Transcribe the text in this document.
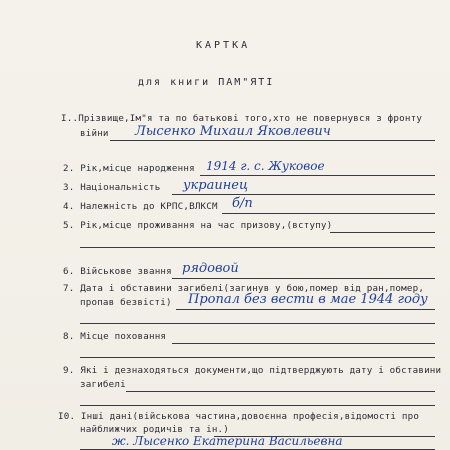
КАРТКА
для книги ПАМ"ЯТІ
I..Прізвище,Ім"я та по батькові того,хто не повернувся з фронту
війни Лысенко Михаил Яковлевич
2. Рік,місце народження 1914 г. с. Жуковое
3. Національність украинец
4. Належність до КРПС,ВЛКСМ б/п
5. Рік,місце проживання на час призову,(вступу)
6. Військове звання рядовой
7. Дата і обставини загибелі(загинув у бою,помер від ран,помер,
пропав безвісті) Пропал без вести в мае 1944 году
8. Місце поховання
9. Які і дезнаходяться документи,що підтверджують дату і обставини
загибелі
I0. Інші дані(військова частина,довоєнна професія,відомості про
найближчих родичів та ін.)
ж. Лысенко Екатерина Васильевна
